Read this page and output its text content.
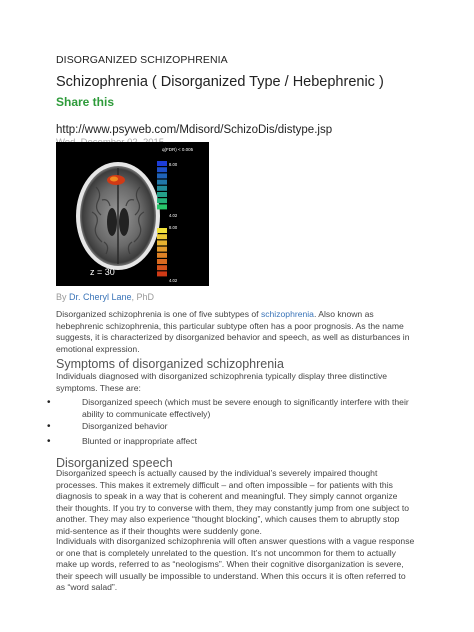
DISORGANIZED SCHIZOPHRENIA

Schizophrenia ( Disorganized Type / Hebephrenic )

Share this

http://www.psyweb.com/Mdisord/SchizoDis/distype.jsp

z = 30
q(FDR) < 0.005
8.00
4.02
8.00
4.02

By Dr. Cheryl Lane, PhD

Disorganized schizophrenia is one of five subtypes of schizophrenia. Also known as hebephrenic schizophrenia, this particular subtype often has a poor prognosis. As the name suggests, it is characterized by disorganized behavior and speech, as well as disturbances in emotional expression.

Symptoms of disorganized schizophrenia

Individuals diagnosed with disorganized schizophrenia typically display three distinctive symptoms. These are:

•	Disorganized speech (which must be severe enough to significantly interfere with their ability to communicate effectively)
•	Disorganized behavior
•	Blunted or inappropriate affect

Disorganized speech

Disorganized speech is actually caused by the individual’s severely impaired thought processes. This makes it extremely difficult – and often impossible – for patients with this diagnosis to speak in a way that is coherent and meaningful. They simply cannot organize their thoughts. If you try to converse with them, they may constantly jump from one subject to another. They may also experience “thought blocking”, which causes them to abruptly stop mid-sentence as if their thoughts were suddenly gone.

Individuals with disorganized schizophrenia will often answer questions with a vague response or one that is completely unrelated to the question. It’s not uncommon for them to actually make up words, referred to as “neologisms”. When their cognitive disorganization is severe, their speech will usually be impossible to understand. When this occurs it is often referred to as “word salad”.
